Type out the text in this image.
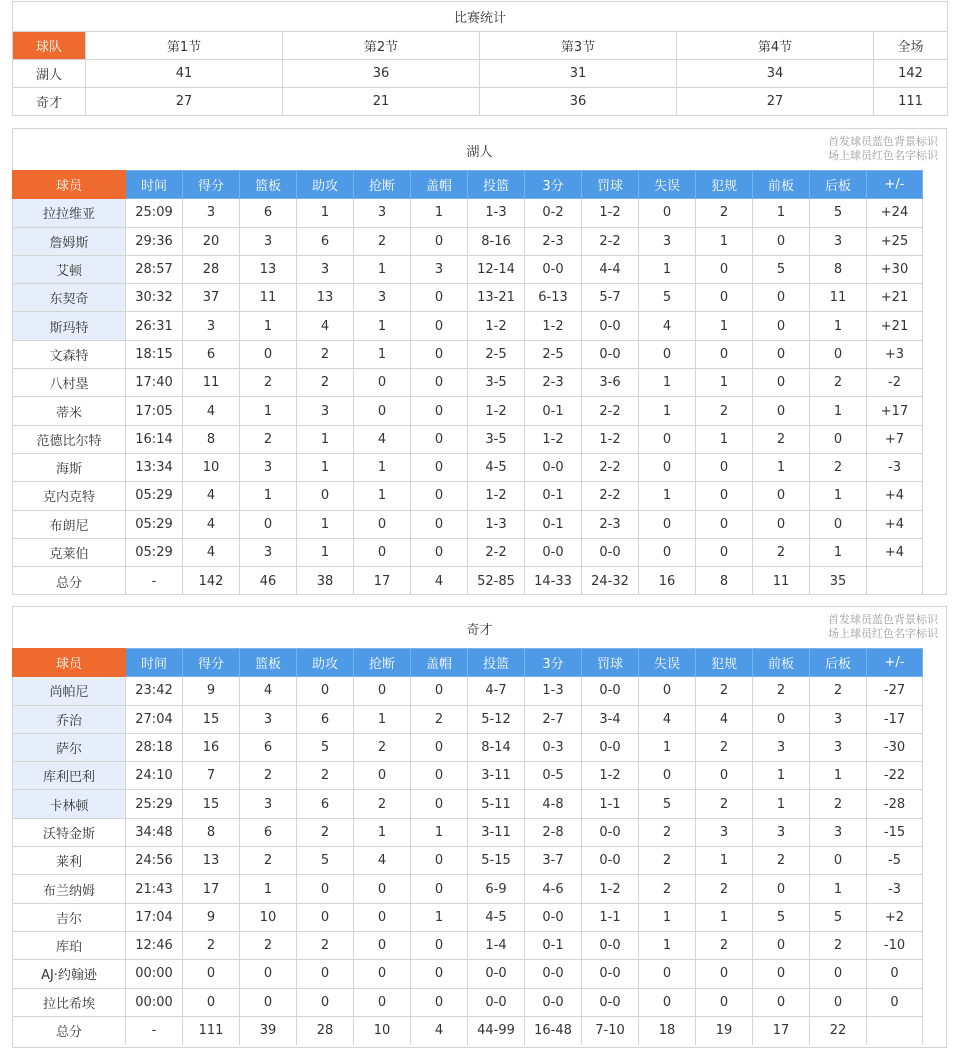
比赛统计					
球队	第1节	第2节	第3节	第4节	全场
湖人	41	36	31	34	142
奇才	27	21	36	27	111
湖人
首发球员蓝色背景标识
场上球员红色名字标识
球员	时间	得分	篮板	助攻	抢断	盖帽	投篮	3分	罚球	失误	犯规	前板	后板	+/-
拉拉维亚	25:09	3	6	1	3	1	1-3	0-2	1-2	0	2	1	5	+24
詹姆斯	29:36	20	3	6	2	0	8-16	2-3	2-2	3	1	0	3	+25
艾顿	28:57	28	13	3	1	3	12-14	0-0	4-4	1	0	5	8	+30
东契奇	30:32	37	11	13	3	0	13-21	6-13	5-7	5	0	0	11	+21
斯玛特	26:31	3	1	4	1	0	1-2	1-2	0-0	4	1	0	1	+21
文森特	18:15	6	0	2	1	0	2-5	2-5	0-0	0	0	0	0	+3
八村塁	17:40	11	2	2	0	0	3-5	2-3	3-6	1	1	0	2	-2
蒂米	17:05	4	1	3	0	0	1-2	0-1	2-2	1	2	0	1	+17
范德比尔特	16:14	8	2	1	4	0	3-5	1-2	1-2	0	1	2	0	+7
海斯	13:34	10	3	1	1	0	4-5	0-0	2-2	0	0	1	2	-3
克内克特	05:29	4	1	0	1	0	1-2	0-1	2-2	1	0	0	1	+4
布朗尼	05:29	4	0	1	0	0	1-3	0-1	2-3	0	0	0	0	+4
克莱伯	05:29	4	3	1	0	0	2-2	0-0	0-0	0	0	2	1	+4
总分	-	142	46	38	17	4	52-85	14-33	24-32	16	8	11	35	
奇才
首发球员蓝色背景标识
场上球员红色名字标识
球员	时间	得分	篮板	助攻	抢断	盖帽	投篮	3分	罚球	失误	犯规	前板	后板	+/-
尚帕尼	23:42	9	4	0	0	0	4-7	1-3	0-0	0	2	2	2	-27
乔治	27:04	15	3	6	1	2	5-12	2-7	3-4	4	4	0	3	-17
萨尔	28:18	16	6	5	2	0	8-14	0-3	0-0	1	2	3	3	-30
库利巴利	24:10	7	2	2	0	0	3-11	0-5	1-2	0	0	1	1	-22
卡林顿	25:29	15	3	6	2	0	5-11	4-8	1-1	5	2	1	2	-28
沃特金斯	34:48	8	6	2	1	1	3-11	2-8	0-0	2	3	3	3	-15
莱利	24:56	13	2	5	4	0	5-15	3-7	0-0	2	1	2	0	-5
布兰纳姆	21:43	17	1	0	0	0	6-9	4-6	1-2	2	2	0	1	-3
吉尔	17:04	9	10	0	0	1	4-5	0-0	1-1	1	1	5	5	+2
库珀	12:46	2	2	2	0	0	1-4	0-1	0-0	1	2	0	2	-10
AJ·约翰逊	00:00	0	0	0	0	0	0-0	0-0	0-0	0	0	0	0	0
拉比希埃	00:00	0	0	0	0	0	0-0	0-0	0-0	0	0	0	0	0
总分	-	111	39	28	10	4	44-99	16-48	7-10	18	19	17	22	
